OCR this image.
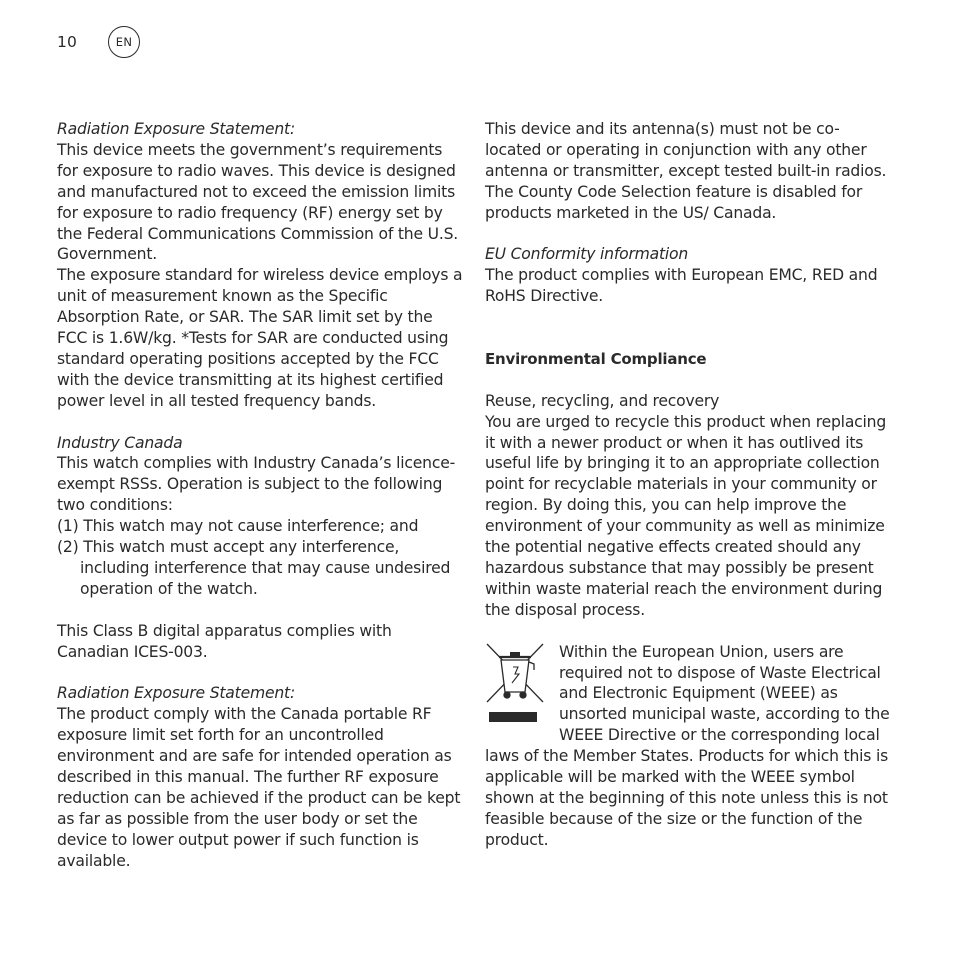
10	EN

Radiation Exposure Statement:

This device meets the government’s requirements for exposure to radio waves. This device is designed and manufactured not to exceed the emission limits for exposure to radio frequency (RF) energy set by the Federal Communications Commission of the U.S. Government.

The exposure standard for wireless device employs a unit of measurement known as the Specific Absorption Rate, or SAR. The SAR limit set by the FCC is 1.6W/kg. *Tests for SAR are conducted using standard operating positions accepted by the FCC with the device transmitting at its highest certified power level in all tested frequency bands.

Industry Canada

This watch complies with Industry Canada’s licence-exempt RSSs. Operation is subject to the following two conditions:

(1) This watch may not cause interference; and

(2) This watch must accept any interference, including interference that may cause undesired operation of the watch.

This Class B digital apparatus complies with Canadian ICES-003.

Radiation Exposure Statement:

The product comply with the Canada portable RF exposure limit set forth for an uncontrolled environment and are safe for intended operation as described in this manual. The further RF exposure reduction can be achieved if the product can be kept as far as possible from the user body or set the device to lower output power if such function is available.

This device and its antenna(s) must not be co-located or operating in conjunction with any other antenna or transmitter, except tested built-in radios. The County Code Selection feature is disabled for products marketed in the US/ Canada.

EU Conformity information

The product complies with European EMC, RED and RoHS Directive.

Environmental Compliance

Reuse, recycling, and recovery

You are urged to recycle this product when replacing it with a newer product or when it has outlived its useful life by bringing it to an appropriate collection point for recyclable materials in your community or region. By doing this, you can help improve the environment of your community as well as minimize the potential negative effects created should any hazardous substance that may possibly be present within waste material reach the environment during the disposal process.

Within the European Union, users are required not to dispose of Waste Electrical and Electronic Equipment (WEEE) as unsorted municipal waste, according to the WEEE Directive or the corresponding local laws of the Member States. Products for which this is applicable will be marked with the WEEE symbol shown at the beginning of this note unless this is not feasible because of the size or the function of the product.
